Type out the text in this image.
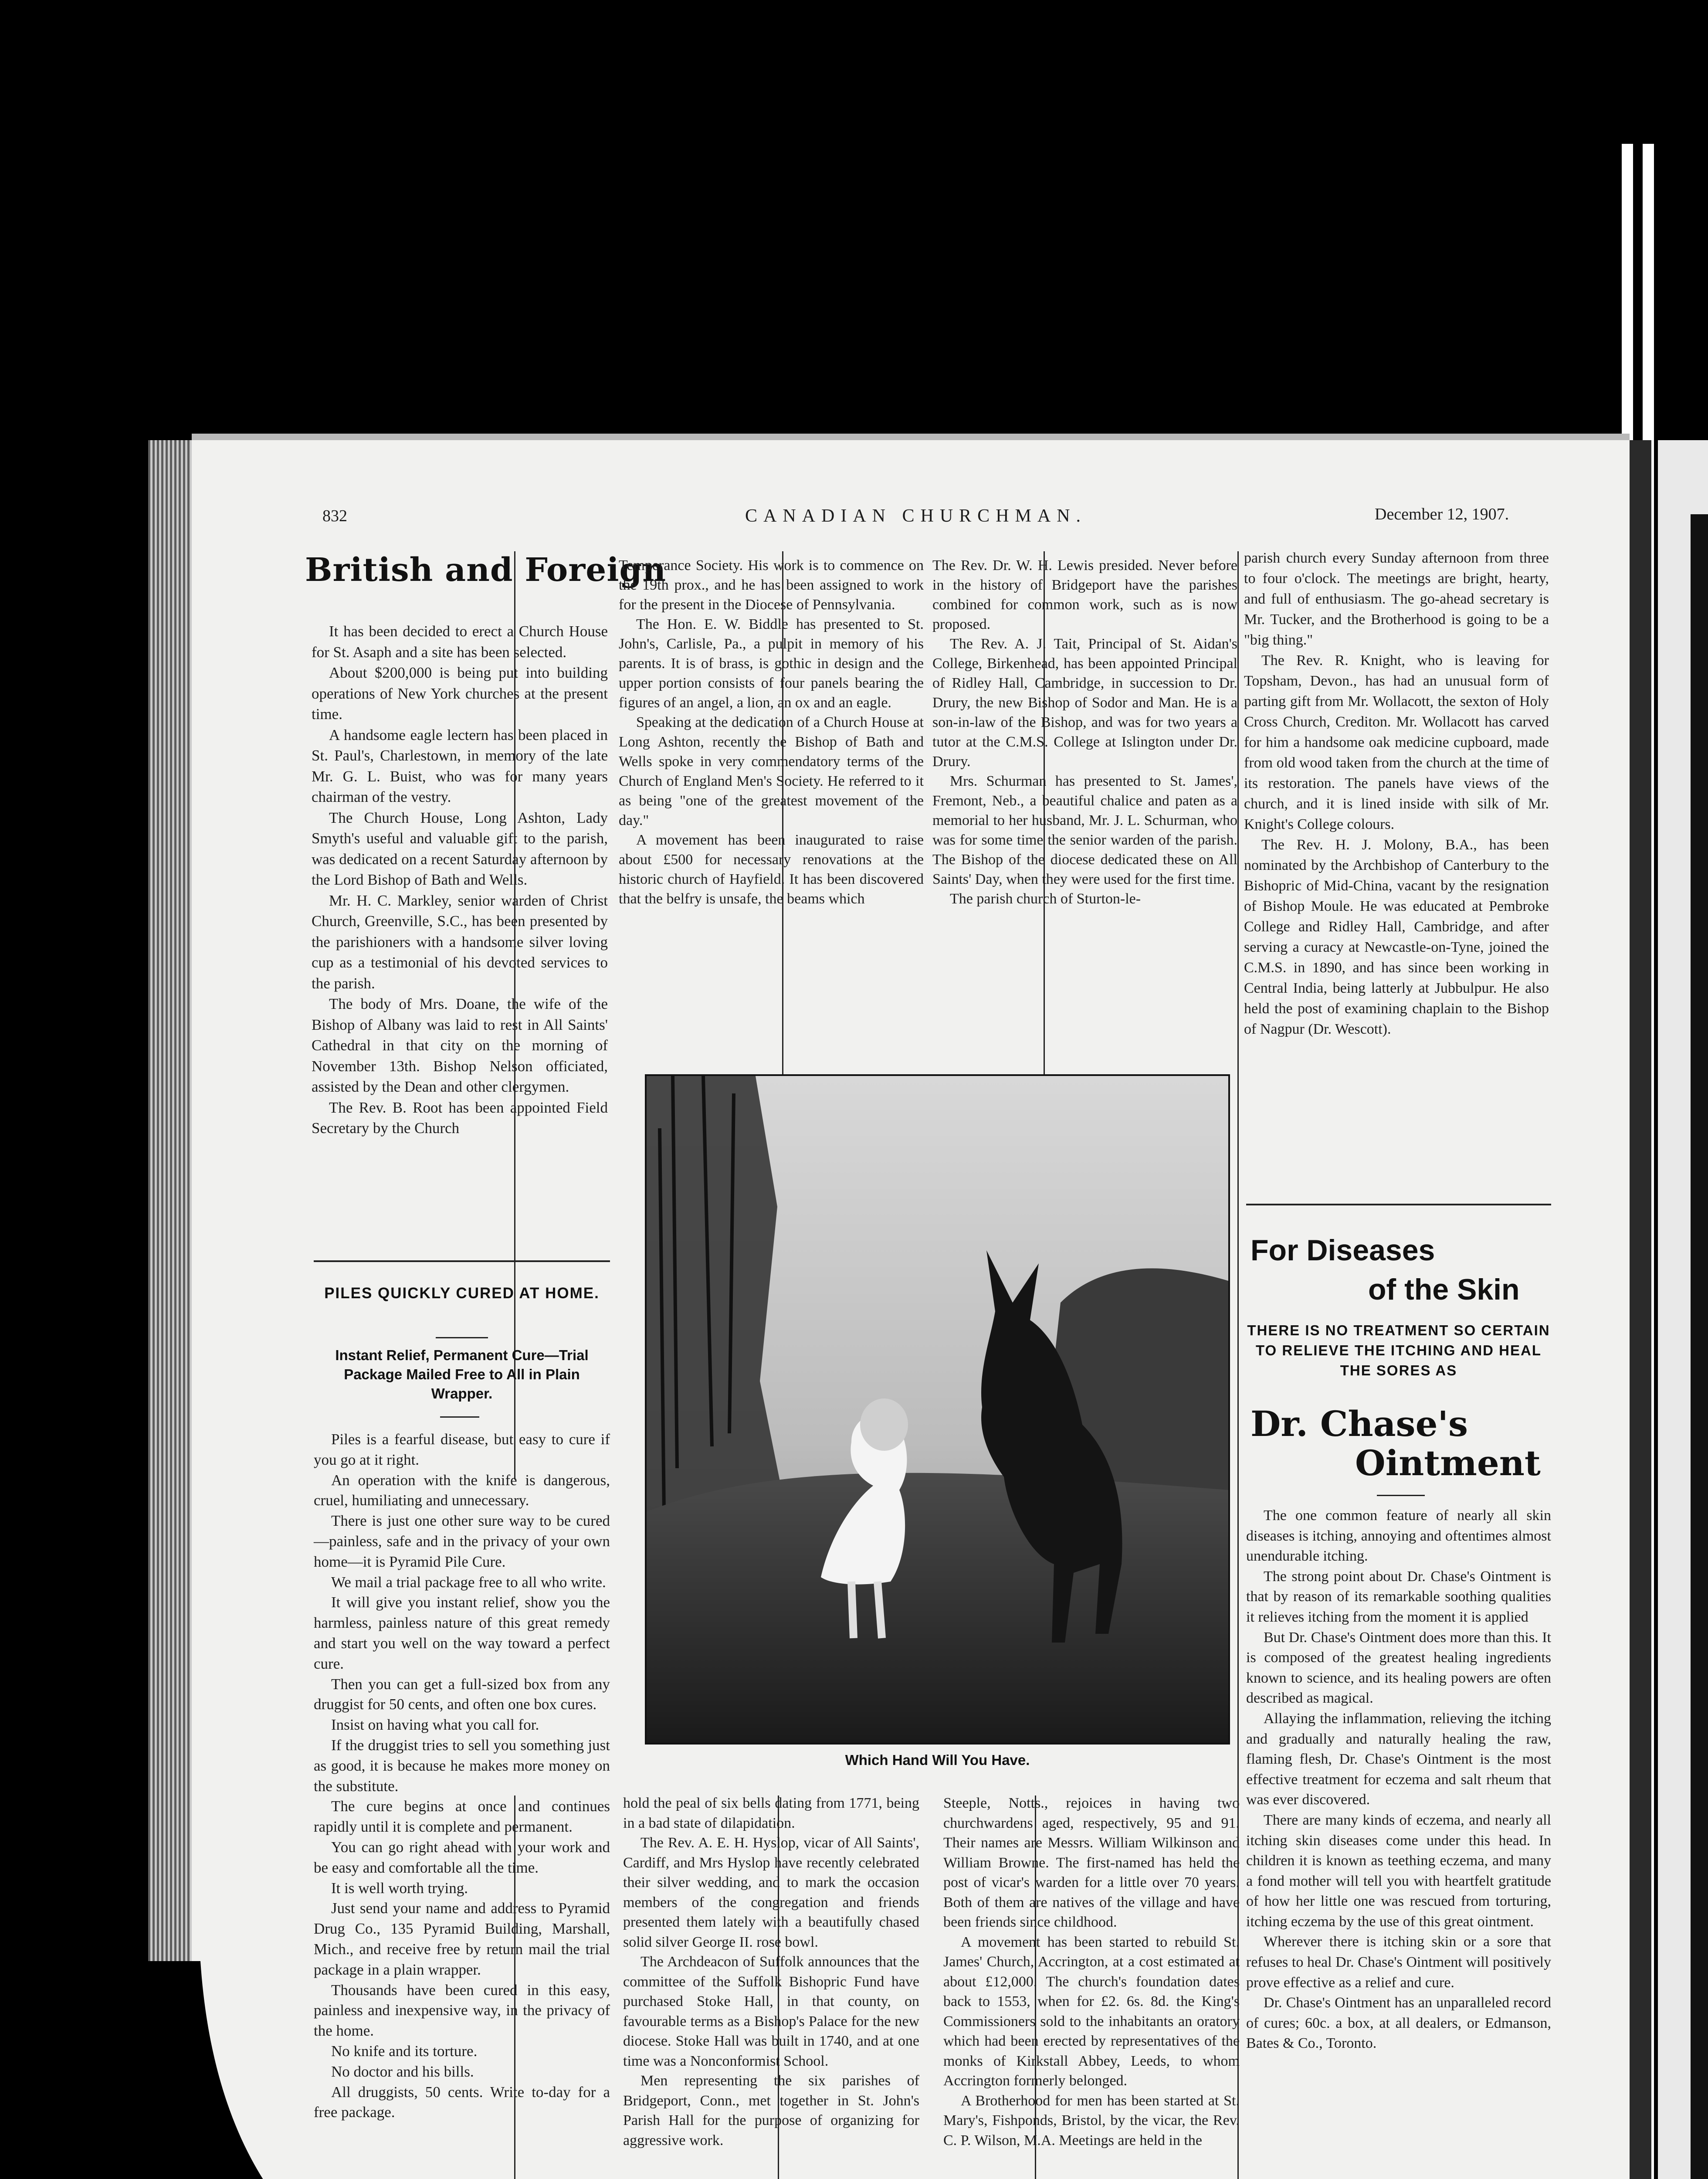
832	CANADIAN CHURCHMAN.	December 12, 1907.
British and Foreign

It has been decided to erect a Church House for St. Asaph and a site has been selected.

About $200,000 is being put into building operations of New York churches at the present time.

A handsome eagle lectern has been placed in St. Paul's, Charlestown, in memory of the late Mr. G. L. Buist, who was for many years chairman of the vestry.

The Church House, Long Ashton, Lady Smyth's useful and valuable gift to the parish, was dedicated on a recent Saturday afternoon by the Lord Bishop of Bath and Wells.

Mr. H. C. Markley, senior warden of Christ Church, Greenville, S.C., has been presented by the parishioners with a handsome silver loving cup as a testimonial of his devoted services to the parish.

The body of Mrs. Doane, the wife of the Bishop of Albany was laid to rest in All Saints' Cathedral in that city on the morning of November 13th. Bishop Nelson officiated, assisted by the Dean and other clergymen.

The Rev. B. Root has been appointed Field Secretary by the Church

PILES QUICKLY CURED AT HOME.
Instant Relief, Permanent Cure—Trial Package Mailed Free to All in Plain Wrapper.

Piles is a fearful disease, but easy to cure if you go at it right.

An operation with the knife is dangerous, cruel, humiliating and unnecessary.

There is just one other sure way to be cured—painless, safe and in the privacy of your own home—it is Pyramid Pile Cure.

We mail a trial package free to all who write.

It will give you instant relief, show you the harmless, painless nature of this great remedy and start you well on the way toward a perfect cure.

Then you can get a full-sized box from any druggist for 50 cents, and often one box cures.

Insist on having what you call for.

If the druggist tries to sell you something just as good, it is because he makes more money on the substitute.

The cure begins at once and continues rapidly until it is complete and permanent.

You can go right ahead with your work and be easy and comfortable all the time.

It is well worth trying.

Just send your name and address to Pyramid Drug Co., 135 Pyramid Building, Marshall, Mich., and receive free by return mail the trial package in a plain wrapper.

Thousands have been cured in this easy, painless and inexpensive way, in the privacy of the home.

No knife and its torture.

No doctor and his bills.

All druggists, 50 cents. Write to-day for a free package.

Temperance Society. His work is to commence on the 19th prox., and he has been assigned to work for the present in the Diocese of Pennsylvania.

The Hon. E. W. Biddle has presented to St. John's, Carlisle, Pa., a pulpit in memory of his parents. It is of brass, is gothic in design and the upper portion consists of four panels bearing the figures of an angel, a lion, an ox and an eagle.

Speaking at the dedication of a Church House at Long Ashton, recently the Bishop of Bath and Wells spoke in very commendatory terms of the Church of England Men's Society. He referred to it as being "one of the greatest movement of the day."

A movement has been inaugurated to raise about £500 for necessary renovations at the historic church of Hayfield. It has been discovered that the belfry is unsafe, the beams which

The Rev. Dr. W. H. Lewis presided. Never before in the history of Bridgeport have the parishes combined for common work, such as is now proposed.

The Rev. A. J. Tait, Principal of St. Aidan's College, Birkenhead, has been appointed Principal of Ridley Hall, Cambridge, in succession to Dr. Drury, the new Bishop of Sodor and Man. He is a son-in-law of the Bishop, and was for two years a tutor at the C.M.S. College at Islington under Dr. Drury.

Mrs. Schurman has presented to St. James', Fremont, Neb., a beautiful chalice and paten as a memorial to her husband, Mr. J. L. Schurman, who was for some time the senior warden of the parish. The Bishop of the diocese dedicated these on All Saints' Day, when they were used for the first time.

The parish church of Sturton-le-

Which Hand Will You Have.

hold the peal of six bells dating from 1771, being in a bad state of dilapidation.

The Rev. A. E. H. Hyslop, vicar of All Saints', Cardiff, and Mrs Hyslop have recently celebrated their silver wedding, and to mark the occasion members of the congregation and friends presented them lately with a beautifully chased solid silver George II. rose bowl.

The Archdeacon of Suffolk announces that the committee of the Suffolk Bishopric Fund have purchased Stoke Hall, in that county, on favourable terms as a Bishop's Palace for the new diocese. Stoke Hall was built in 1740, and at one time was a Nonconformist School.

Men representing the six parishes of Bridgeport, Conn., met together in St. John's Parish Hall for the purpose of organizing for aggressive work.

Steeple, Notts., rejoices in having two churchwardens aged, respectively, 95 and 91. Their names are Messrs. William Wilkinson and William Browne. The first-named has held the post of vicar's warden for a little over 70 years. Both of them are natives of the village and have been friends since childhood.

A movement has been started to rebuild St. James' Church, Accrington, at a cost estimated at about £12,000. The church's foundation dates back to 1553, when for £2. 6s. 8d. the King's Commissioners sold to the inhabitants an oratory which had been erected by representatives of the monks of Kirkstall Abbey, Leeds, to whom Accrington formerly belonged.

A Brotherhood for men has been started at St. Mary's, Fishponds, Bristol, by the vicar, the Rev. C. P. Wilson, M.A. Meetings are held in the

parish church every Sunday afternoon from three to four o'clock. The meetings are bright, hearty, and full of enthusiasm. The go-ahead secretary is Mr. Tucker, and the Brotherhood is going to be a "big thing."

The Rev. R. Knight, who is leaving for Topsham, Devon., has had an unusual form of parting gift from Mr. Wollacott, the sexton of Holy Cross Church, Crediton. Mr. Wollacott has carved for him a handsome oak medicine cupboard, made from old wood taken from the church at the time of its restoration. The panels have views of the church, and it is lined inside with silk of Mr. Knight's College colours.

The Rev. H. J. Molony, B.A., has been nominated by the Archbishop of Canterbury to the Bishopric of Mid-China, vacant by the resignation of Bishop Moule. He was educated at Pembroke College and Ridley Hall, Cambridge, and after serving a curacy at Newcastle-on-Tyne, joined the C.M.S. in 1890, and has since been working in Central India, being latterly at Jubbulpur. He also held the post of examining chaplain to the Bishop of Nagpur (Dr. Wescott).

For Diseases
of the Skin
THERE IS NO TREATMENT SO CERTAIN TO RELIEVE THE ITCHING AND HEAL THE SORES AS
Dr. Chase's
Ointment

The one common feature of nearly all skin diseases is itching, annoying and oftentimes almost unendurable itching.

The strong point about Dr. Chase's Ointment is that by reason of its remarkable soothing qualities it relieves itching from the moment it is applied

But Dr. Chase's Ointment does more than this. It is composed of the greatest healing ingredients known to science, and its healing powers are often described as magical.

Allaying the inflammation, relieving the itching and gradually and naturally healing the raw, flaming flesh, Dr. Chase's Ointment is the most effective treatment for eczema and salt rheum that was ever discovered.

There are many kinds of eczema, and nearly all itching skin diseases come under this head. In children it is known as teething eczema, and many a fond mother will tell you with heartfelt gratitude of how her little one was rescued from torturing, itching eczema by the use of this great ointment.

Wherever there is itching skin or a sore that refuses to heal Dr. Chase's Ointment will positively prove effective as a relief and cure.

Dr. Chase's Ointment has an unparalleled record of cures; 60c. a box, at all dealers, or Edmanson, Bates & Co., Toronto.
